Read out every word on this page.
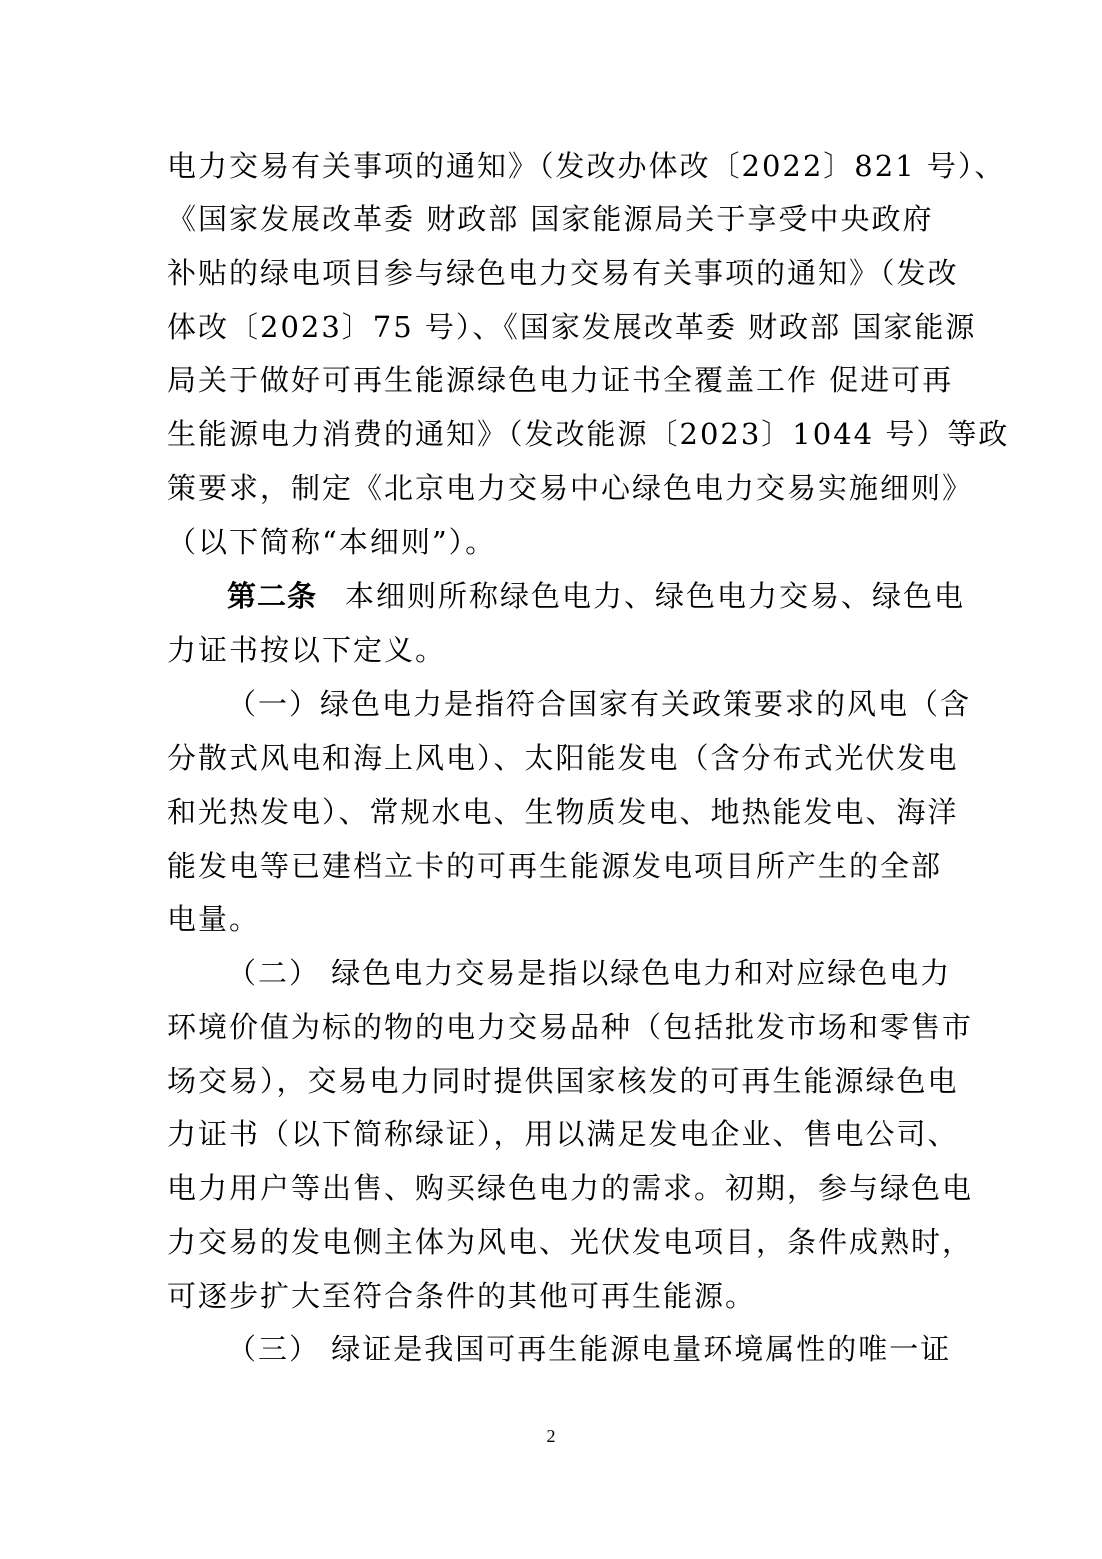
电力交易有关事项的通知》（发改办体改〔2022〕821 号）、
《国家发展改革委 财政部 国家能源局关于享受中央政府
补贴的绿电项目参与绿色电力交易有关事项的通知》（发改
体改〔2023〕75 号）、《国家发展改革委 财政部 国家能源
局关于做好可再生能源绿色电力证书全覆盖工作 促进可再
生能源电力消费的通知》（发改能源〔2023〕1044 号）等政
策要求，制定《北京电力交易中心绿色电力交易实施细则》
（以下简称“本细则”）。
第二条 本细则所称绿色电力、绿色电力交易、绿色电
力证书按以下定义。
（一）绿色电力是指符合国家有关政策要求的风电（含
分散式风电和海上风电）、太阳能发电（含分布式光伏发电
和光热发电）、常规水电、生物质发电、地热能发电、海洋
能发电等已建档立卡的可再生能源发电项目所产生的全部
电量。
（二） 绿色电力交易是指以绿色电力和对应绿色电力
环境价值为标的物的电力交易品种（包括批发市场和零售市
场交易），交易电力同时提供国家核发的可再生能源绿色电
力证书（以下简称绿证），用以满足发电企业、售电公司、
电力用户等出售、购买绿色电力的需求。初期，参与绿色电
力交易的发电侧主体为风电、光伏发电项目，条件成熟时，
可逐步扩大至符合条件的其他可再生能源。
（三） 绿证是我国可再生能源电量环境属性的唯一证
2
